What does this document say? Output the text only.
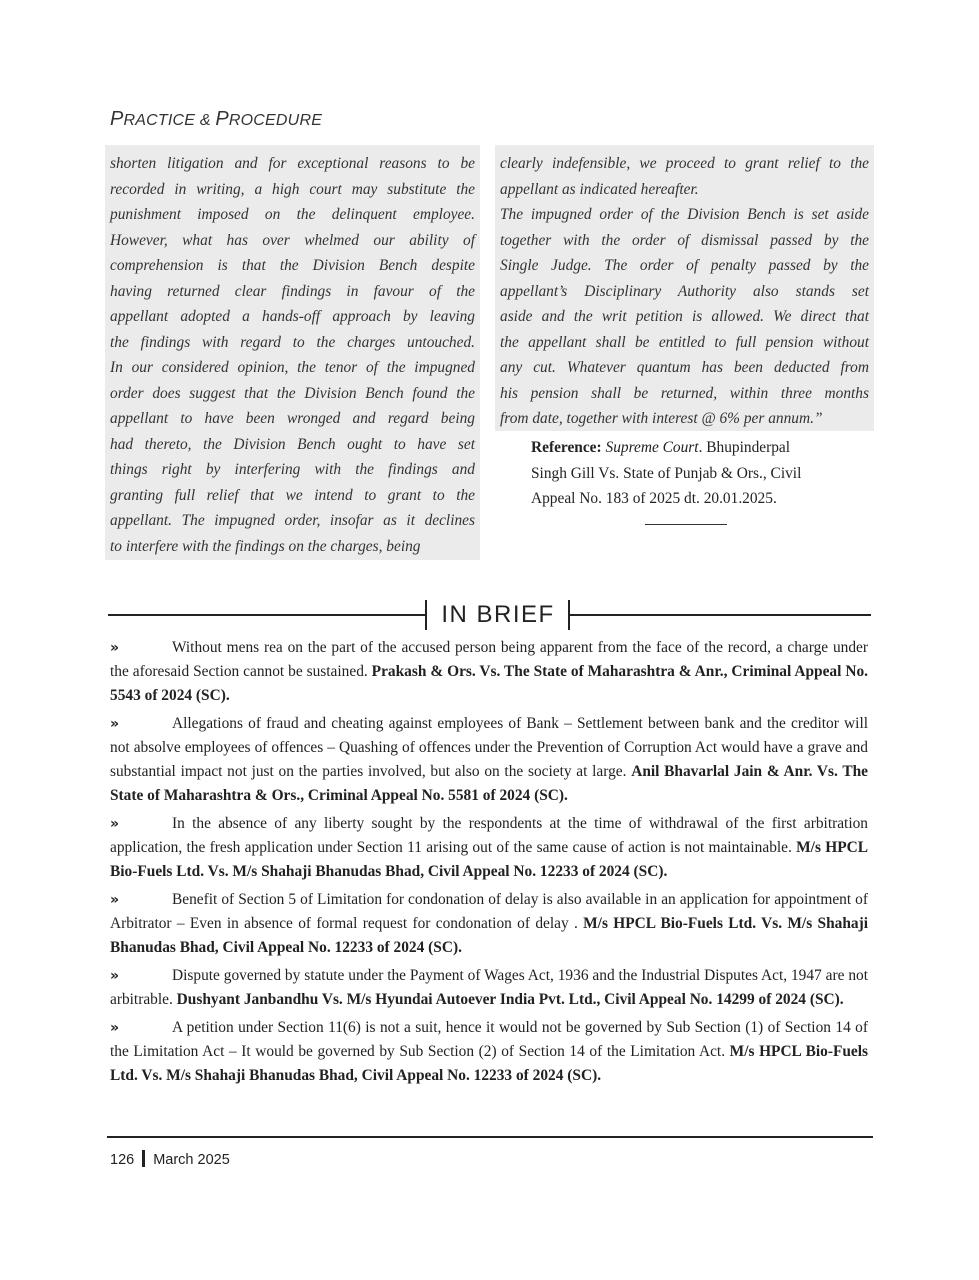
PRACTICE & PROCEDURE

shorten litigation and for exceptional reasons to be

recorded in writing, a high court may substitute the

punishment imposed on the delinquent employee.

However, what has over whelmed our ability of

comprehension is that the Division Bench despite

having returned clear findings in favour of the

appellant adopted a hands-off approach by leaving

the findings with regard to the charges untouched.

In our considered opinion, the tenor of the impugned

order does suggest that the Division Bench found the

appellant to have been wronged and regard being

had thereto, the Division Bench ought to have set

things right by interfering with the findings and

granting full relief that we intend to grant to the

appellant. The impugned order, insofar as it declines

to interfere with the findings on the charges, being

clearly indefensible, we proceed to grant relief to the

appellant as indicated hereafter.

The impugned order of the Division Bench is set aside

together with the order of dismissal passed by the

Single Judge. The order of penalty passed by the

appellant’s Disciplinary Authority also stands set

aside and the writ petition is allowed. We direct that

the appellant shall be entitled to full pension without

any cut. Whatever quantum has been deducted from

his pension shall be returned, within three months

from date, together with interest @ 6% per annum.”

Reference: Supreme Court. Bhupinderpal
Singh Gill Vs. State of Punjab & Ors., Civil
Appeal No. 183 of 2025 dt. 20.01.2025.
IN BRIEF
»	Without mens rea on the part of the accused person being apparent from the face of the record, a charge under the aforesaid Section cannot be sustained. Prakash & Ors. Vs. The State of Maharashtra & Anr., Criminal Appeal No. 5543 of 2024 (SC).
»	Allegations of fraud and cheating against employees of Bank – Settlement between bank and the creditor will not absolve employees of offences – Quashing of offences under the Prevention of Corruption Act would have a grave and substantial impact not just on the parties involved, but also on the society at large. Anil Bhavarlal Jain & Anr. Vs. The State of Maharashtra & Ors., Criminal Appeal No. 5581 of 2024 (SC).
»	In the absence of any liberty sought by the respondents at the time of withdrawal of the first arbitration application, the fresh application under Section 11 arising out of the same cause of action is not maintainable. M/s HPCL Bio-Fuels Ltd. Vs. M/s Shahaji Bhanudas Bhad, Civil Appeal No. 12233 of 2024 (SC).
»	Benefit of Section 5 of Limitation for condonation of delay is also available in an application for appointment of Arbitrator – Even in absence of formal request for condonation of delay . M/s HPCL Bio-Fuels Ltd. Vs. M/s Shahaji Bhanudas Bhad, Civil Appeal No. 12233 of 2024 (SC).
»	Dispute governed by statute under the Payment of Wages Act, 1936 and the Industrial Disputes Act, 1947 are not arbitrable. Dushyant Janbandhu Vs. M/s Hyundai Autoever India Pvt. Ltd., Civil Appeal No. 14299 of 2024 (SC).
»	A petition under Section 11(6) is not a suit, hence it would not be governed by Sub Section (1) of Section 14 of the Limitation Act – It would be governed by Sub Section (2) of Section 14 of the Limitation Act. M/s HPCL Bio-Fuels Ltd. Vs. M/s Shahaji Bhanudas Bhad, Civil Appeal No. 12233 of 2024 (SC).
126 March 2025
